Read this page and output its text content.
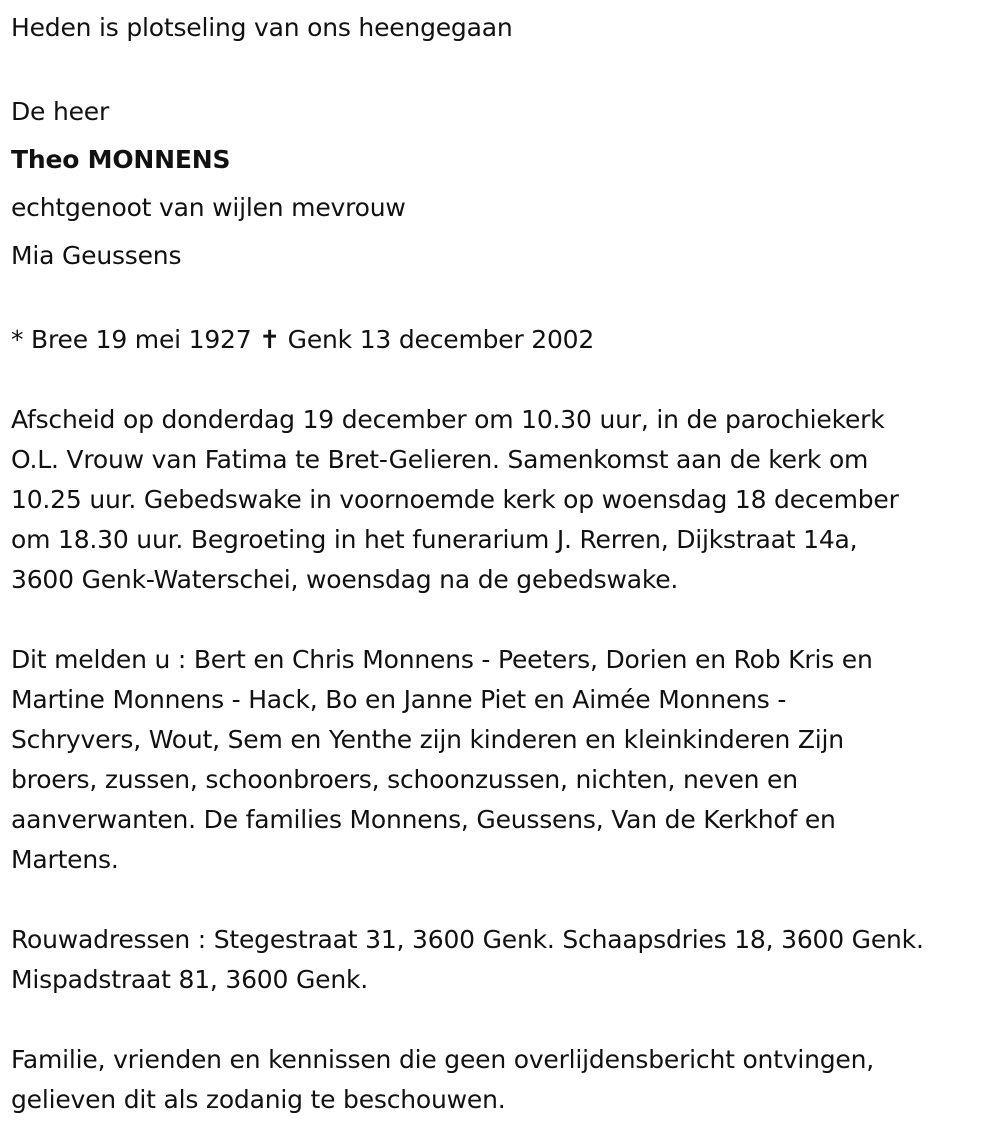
Heden is plotseling van ons heengegaan
De heer
Theo MONNENS
echtgenoot van wijlen mevrouw
Mia Geussens
* Bree 19 mei 1927 ✝ Genk 13 december 2002
Afscheid op donderdag 19 december om 10.30 uur, in de parochiekerk
O.L. Vrouw van Fatima te Bret-Gelieren. Samenkomst aan de kerk om
10.25 uur. Gebedswake in voornoemde kerk op woensdag 18 december
om 18.30 uur. Begroeting in het funerarium J. Rerren, Dijkstraat 14a,
3600 Genk-Waterschei, woensdag na de gebedswake.
Dit melden u : Bert en Chris Monnens - Peeters, Dorien en Rob Kris en
Martine Monnens - Hack, Bo en Janne Piet en Aimée Monnens -
Schryvers, Wout, Sem en Yenthe zijn kinderen en kleinkinderen Zijn
broers, zussen, schoonbroers, schoonzussen, nichten, neven en
aanverwanten. De families Monnens, Geussens, Van de Kerkhof en
Martens.
Rouwadressen : Stegestraat 31, 3600 Genk. Schaapsdries 18, 3600 Genk.
Mispadstraat 81, 3600 Genk.
Familie, vrienden en kennissen die geen overlijdensbericht ontvingen,
gelieven dit als zodanig te beschouwen.
